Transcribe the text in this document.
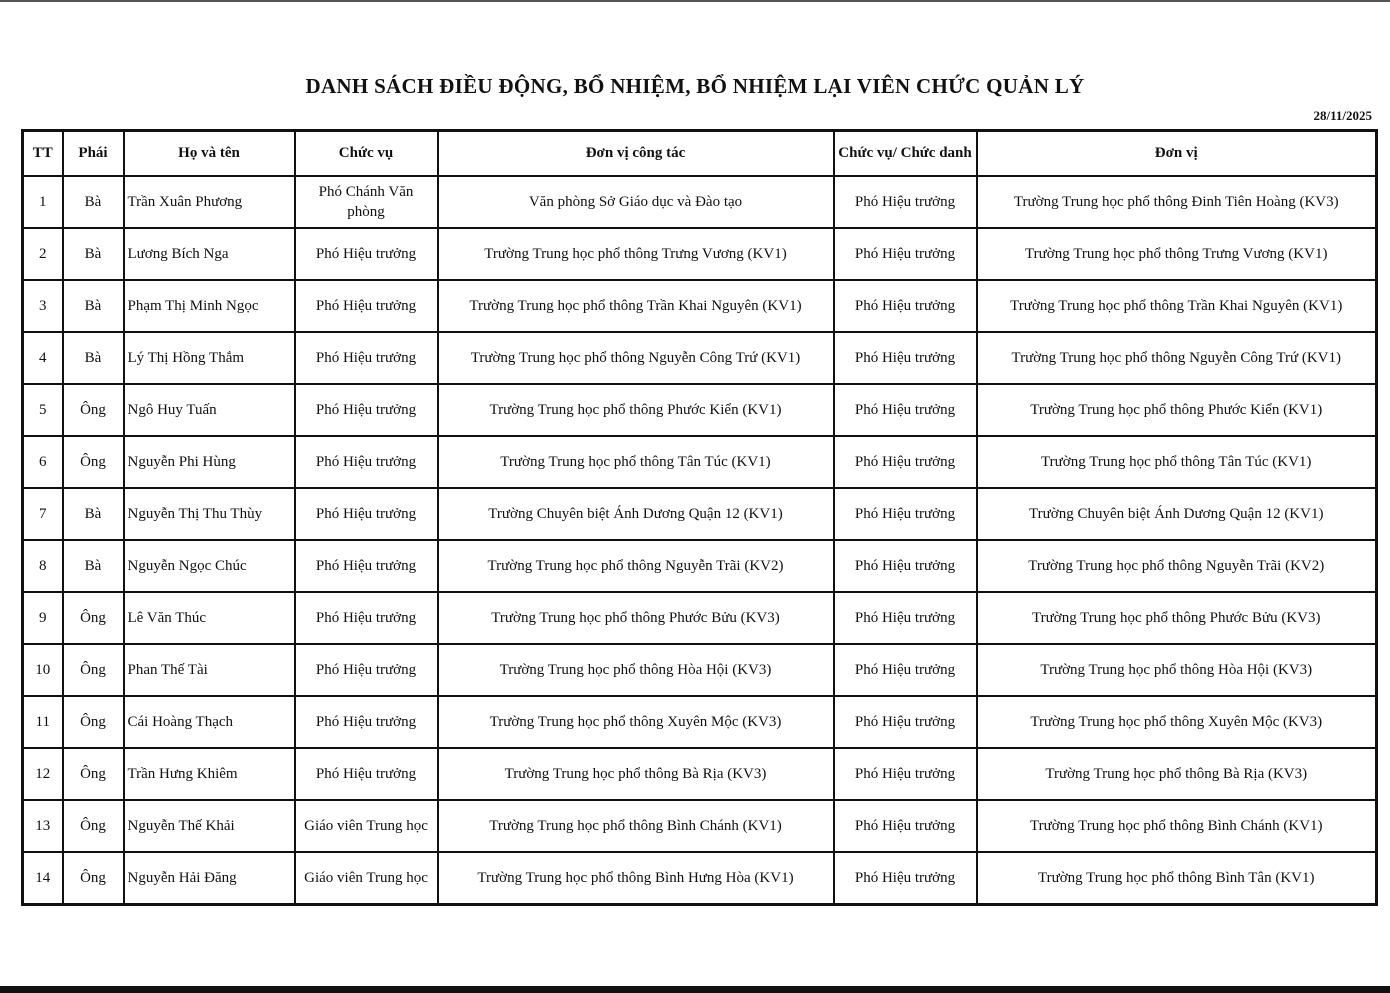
DANH SÁCH ĐIỀU ĐỘNG, BỔ NHIỆM, BỔ NHIỆM LẠI VIÊN CHỨC QUẢN LÝ
28/11/2025
TT	Phái	Họ và tên	Chức vụ	Đơn vị công tác	Chức vụ/ Chức danh	Đơn vị
1	Bà	Trần Xuân Phương	Phó Chánh Văn phòng	Văn phòng Sở Giáo dục và Đào tạo	Phó Hiệu trưởng	Trường Trung học phổ thông Đinh Tiên Hoàng (KV3)
2	Bà	Lương Bích Nga	Phó Hiệu trưởng	Trường Trung học phổ thông Trưng Vương (KV1)	Phó Hiệu trưởng	Trường Trung học phổ thông Trưng Vương (KV1)
3	Bà	Phạm Thị Minh Ngọc	Phó Hiệu trưởng	Trường Trung học phổ thông Trần Khai Nguyên (KV1)	Phó Hiệu trưởng	Trường Trung học phổ thông Trần Khai Nguyên (KV1)
4	Bà	Lý Thị Hồng Thắm	Phó Hiệu trưởng	Trường Trung học phổ thông Nguyễn Công Trứ (KV1)	Phó Hiệu trưởng	Trường Trung học phổ thông Nguyễn Công Trứ (KV1)
5	Ông	Ngô Huy Tuấn	Phó Hiệu trưởng	Trường Trung học phổ thông Phước Kiển (KV1)	Phó Hiệu trưởng	Trường Trung học phổ thông Phước Kiển (KV1)
6	Ông	Nguyễn Phi Hùng	Phó Hiệu trưởng	Trường Trung học phổ thông Tân Túc (KV1)	Phó Hiệu trưởng	Trường Trung học phổ thông Tân Túc (KV1)
7	Bà	Nguyễn Thị Thu Thùy	Phó Hiệu trưởng	Trường Chuyên biệt Ánh Dương Quận 12 (KV1)	Phó Hiệu trưởng	Trường Chuyên biệt Ánh Dương Quận 12 (KV1)
8	Bà	Nguyễn Ngọc Chúc	Phó Hiệu trưởng	Trường Trung học phổ thông Nguyễn Trãi (KV2)	Phó Hiệu trưởng	Trường Trung học phổ thông Nguyễn Trãi (KV2)
9	Ông	Lê Văn Thúc	Phó Hiệu trưởng	Trường Trung học phổ thông Phước Bửu (KV3)	Phó Hiệu trưởng	Trường Trung học phổ thông Phước Bửu (KV3)
10	Ông	Phan Thế Tài	Phó Hiệu trưởng	Trường Trung học phổ thông Hòa Hội (KV3)	Phó Hiệu trưởng	Trường Trung học phổ thông Hòa Hội (KV3)
11	Ông	Cái Hoàng Thạch	Phó Hiệu trưởng	Trường Trung học phổ thông Xuyên Mộc (KV3)	Phó Hiệu trưởng	Trường Trung học phổ thông Xuyên Mộc (KV3)
12	Ông	Trần Hưng Khiêm	Phó Hiệu trưởng	Trường Trung học phổ thông Bà Rịa (KV3)	Phó Hiệu trưởng	Trường Trung học phổ thông Bà Rịa (KV3)
13	Ông	Nguyễn Thế Khải	Giáo viên Trung học	Trường Trung học phổ thông Bình Chánh (KV1)	Phó Hiệu trưởng	Trường Trung học phổ thông Bình Chánh (KV1)
14	Ông	Nguyễn Hải Đăng	Giáo viên Trung học	Trường Trung học phổ thông Bình Hưng Hòa (KV1)	Phó Hiệu trưởng	Trường Trung học phổ thông Bình Tân (KV1)
